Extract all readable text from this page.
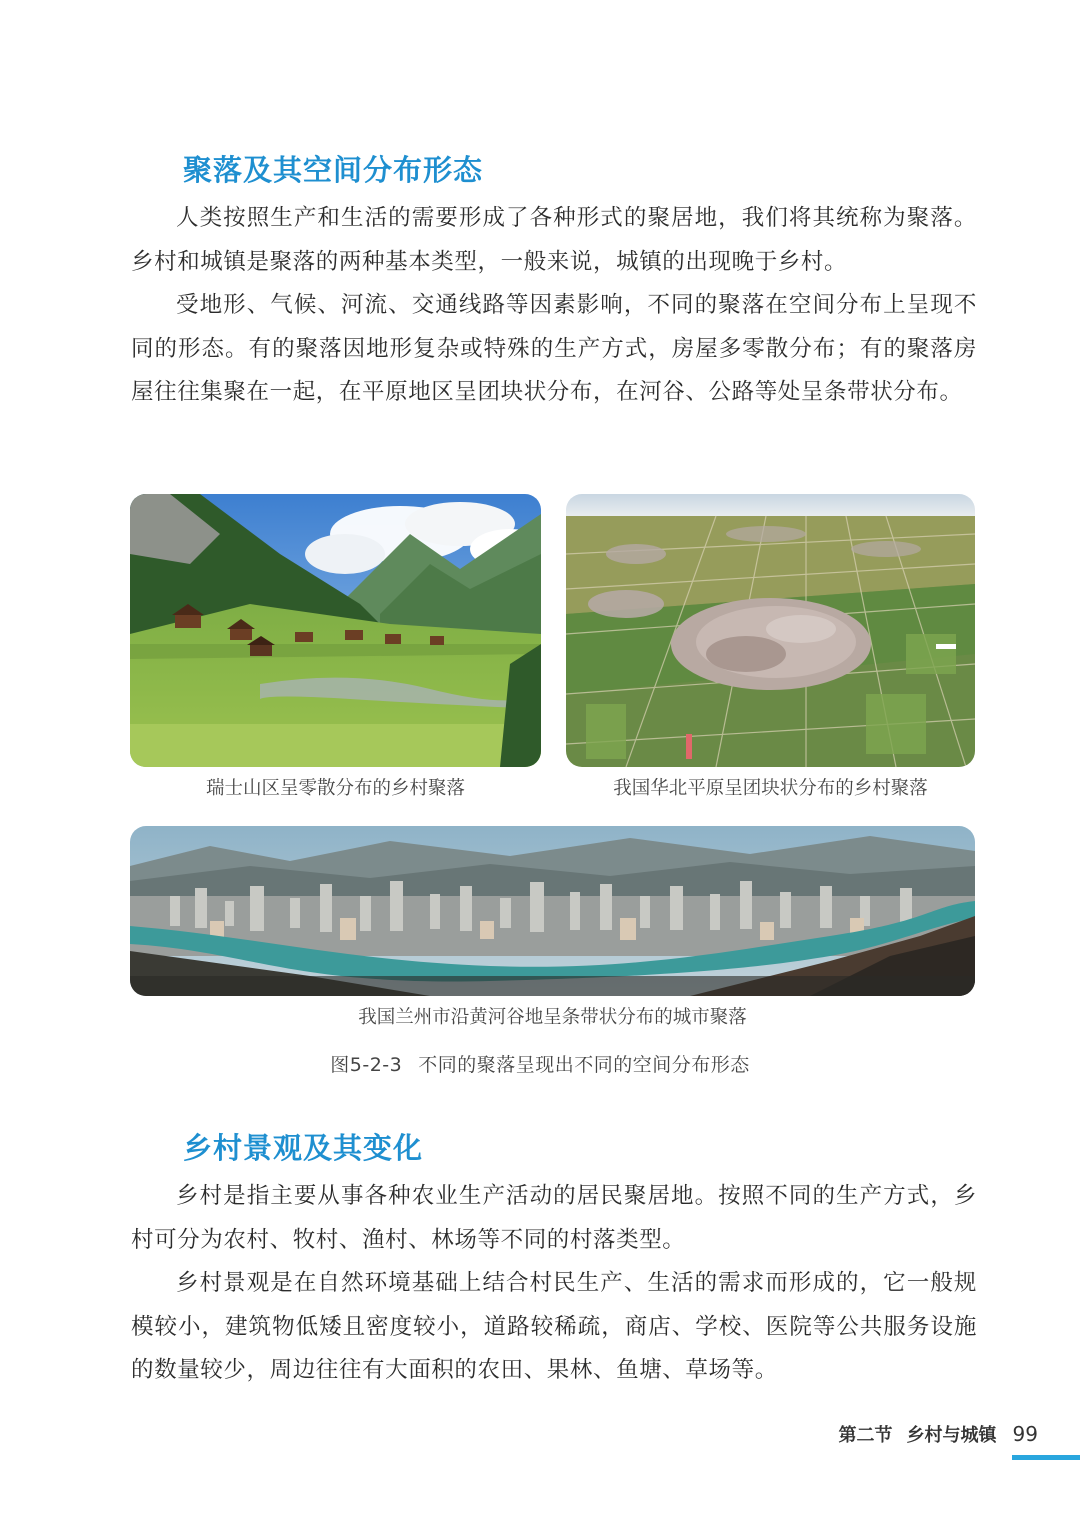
聚落及其空间分布形态

人类按照生产和生活的需要形成了各种形式的聚居地，我们将其统称为聚落。乡村和城镇是聚落的两种基本类型，一般来说，城镇的出现晚于乡村。

受地形、气候、河流、交通线路等因素影响，不同的聚落在空间分布上呈现不同的形态。有的聚落因地形复杂或特殊的生产方式，房屋多零散分布；有的聚落房屋往往集聚在一起，在平原地区呈团块状分布，在河谷、公路等处呈条带状分布。

瑞士山区呈零散分布的乡村聚落	我国华北平原呈团块状分布的乡村聚落

我国兰州市沿黄河谷地呈条带状分布的城市聚落

图5-2-3 不同的聚落呈现出不同的空间分布形态

乡村景观及其变化

乡村是指主要从事各种农业生产活动的居民聚居地。按照不同的生产方式，乡村可分为农村、牧村、渔村、林场等不同的村落类型。

乡村景观是在自然环境基础上结合村民生产、生活的需求而形成的，它一般规模较小，建筑物低矮且密度较小，道路较稀疏，商店、学校、医院等公共服务设施的数量较少，周边往往有大面积的农田、果林、鱼塘、草场等。

第二节 乡村与城镇 99
